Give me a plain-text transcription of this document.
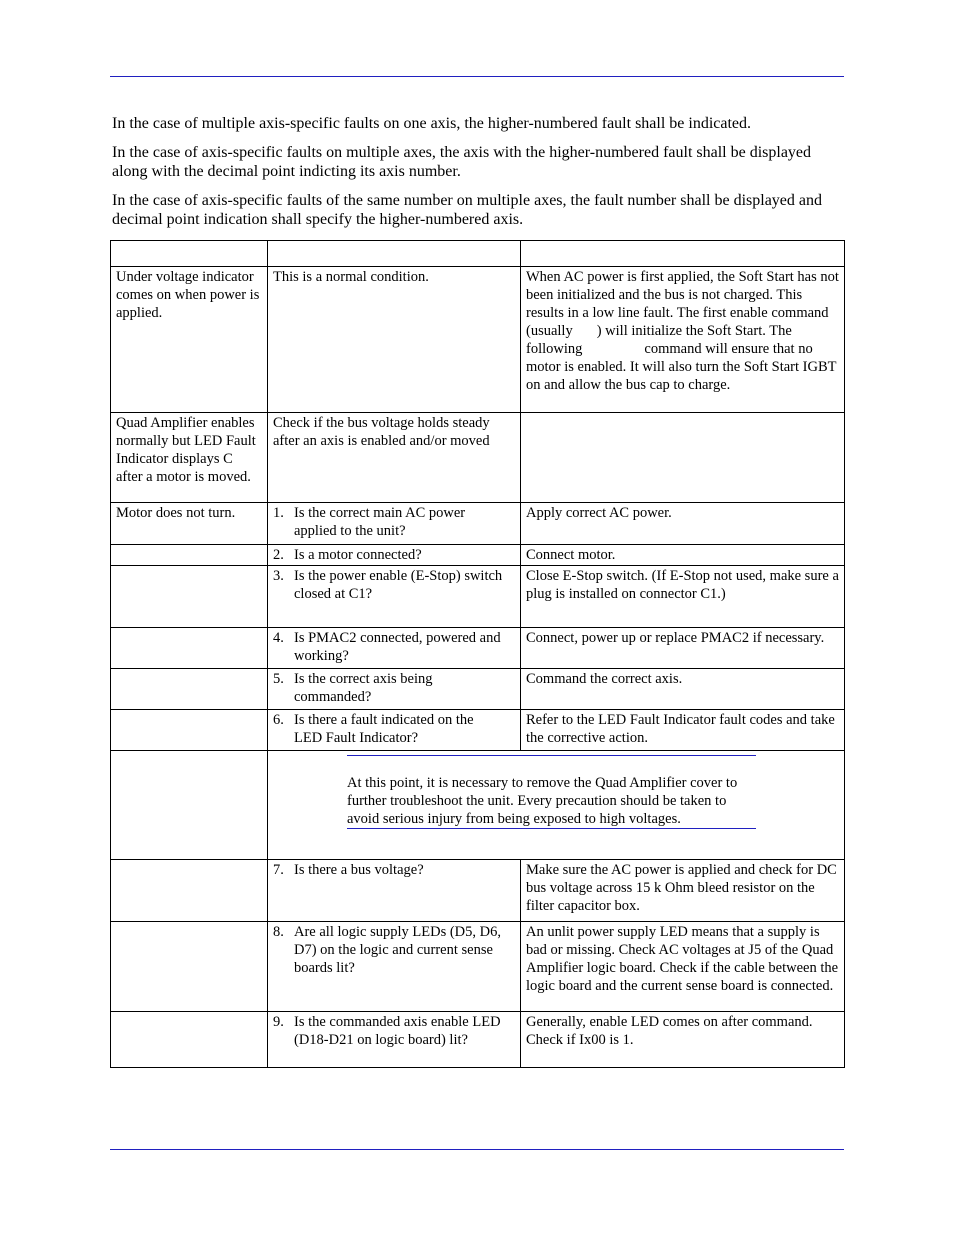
In the case of multiple axis-specific faults on one axis, the higher-numbered fault shall be indicated.

In the case of axis-specific faults on multiple axes, the axis with the higher-numbered fault shall be displayed along with the decimal point indicting its axis number.

In the case of axis-specific faults of the same number on multiple axes, the fault number shall be displayed and decimal point indication shall specify the higher-numbered axis.

Under voltage indicator comes on when power is applied.	This is a normal condition.	When AC power is first applied, the Soft Start has not been initialized and the bus is not charged. This results in a low line fault. The first enable command (usually ) will initialize the Soft Start. The following command will ensure that no motor is enabled. It will also turn the Soft Start IGBT on and allow the bus cap to charge.
Quad Amplifier enables normally but LED Fault Indicator displays C after a motor is moved.	Check if the bus voltage holds steady after an axis is enabled and/or moved	
Motor does not turn.	1. Is the correct main AC power applied to the unit?	Apply correct AC power.
	2. Is a motor connected?	Connect motor.
	3. Is the power enable (E-Stop) switch closed at C1?	Close E-Stop switch. (If E-Stop not used, make sure a plug is installed on connector C1.)
	4. Is PMAC2 connected, powered and working?	Connect, power up or replace PMAC2 if necessary.
	5. Is the correct axis being commanded?	Command the correct axis.
	6. Is there a fault indicated on the LED Fault Indicator?	Refer to the LED Fault Indicator fault codes and take the corrective action.

	At this point, it is necessary to remove the Quad Amplifier cover to further troubleshoot the unit. Every precaution should be taken to avoid serious injury from being exposed to high voltages.	

	7. Is there a bus voltage?	Make sure the AC power is applied and check for DC bus voltage across 15 k Ohm bleed resistor on the filter capacitor box.
	8. Are all logic supply LEDs (D5, D6, D7) on the logic and current sense boards lit?	An unlit power supply LED means that a supply is bad or missing. Check AC voltages at J5 of the Quad Amplifier logic board. Check if the cable between the logic board and the current sense board is connected.
	9. Is the commanded axis enable LED (D18-D21 on logic board) lit?	Generally, enable LED comes on after command. Check if Ix00 is 1.
